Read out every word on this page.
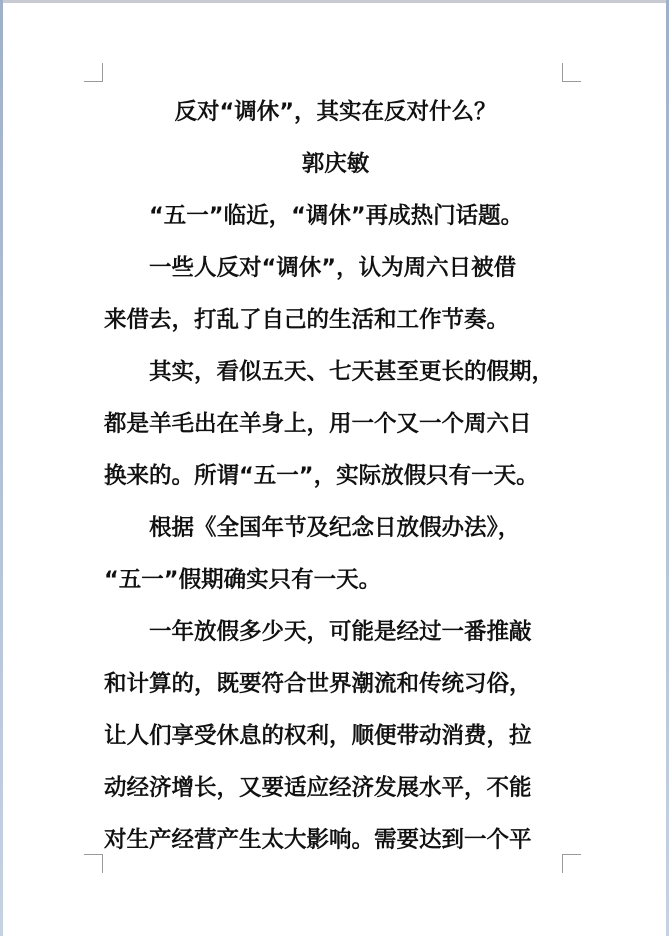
反对“调休”，其实在反对什么？
郭庆敏
“五一”临近，“调休”再成热门话题。
一些人反对“调休”，认为周六日被借
来借去，打乱了自己的生活和工作节奏。
其实，看似五天、七天甚至更长的假期，
都是羊毛出在羊身上，用一个又一个周六日
换来的。所谓“五一”，实际放假只有一天。
根据《全国年节及纪念日放假办法》，
“五一”假期确实只有一天。
一年放假多少天，可能是经过一番推敲
和计算的，既要符合世界潮流和传统习俗，
让人们享受休息的权利，顺便带动消费，拉
动经济增长，又要适应经济发展水平，不能
对生产经营产生太大影响。需要达到一个平
